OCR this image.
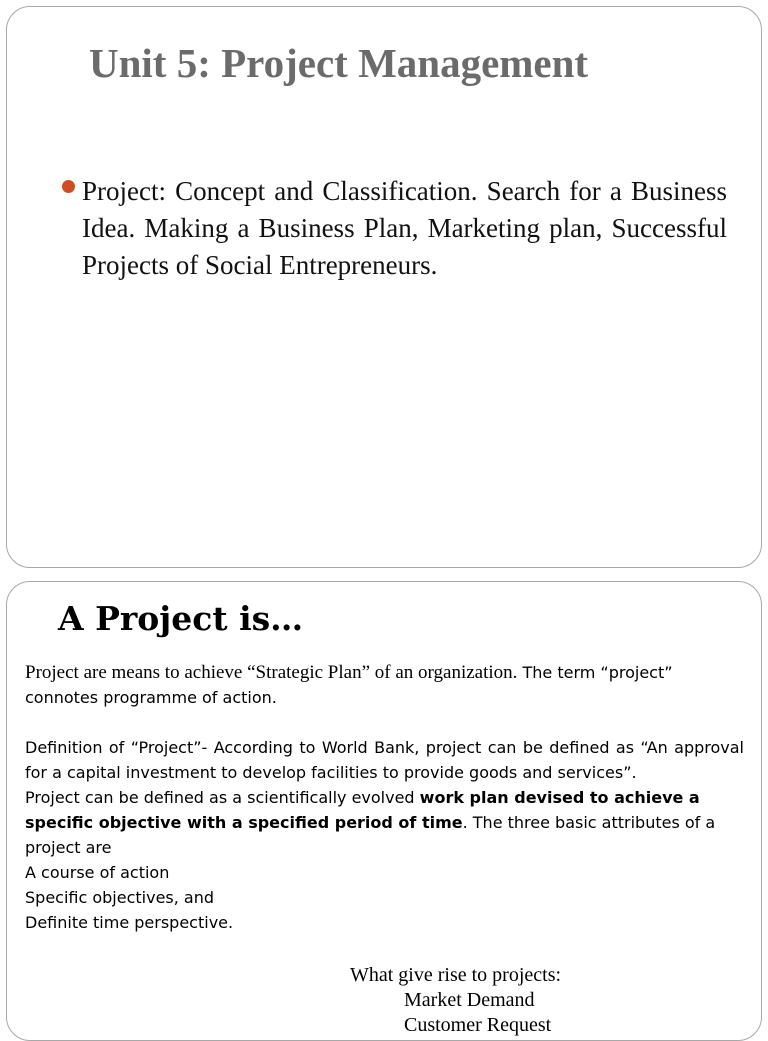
Unit 5: Project Management

Project: Concept and Classification. Search for a Business Idea. Making a Business Plan, Marketing plan, Successful Projects of Social Entrepreneurs.

A Project is…

Project are means to achieve “Strategic Plan” of an organization. The term “project” connotes programme of action.

Definition of “Project”- According to World Bank, project can be defined as “An approval for a capital investment to develop facilities to provide goods and services”.

Project can be defined as a scientifically evolved work plan devised to achieve a specific objective with a specified period of time. The three basic attributes of a project are

A course of action

Specific objectives, and

Definite time perspective.

What give rise to projects:
Market Demand
Customer Request
